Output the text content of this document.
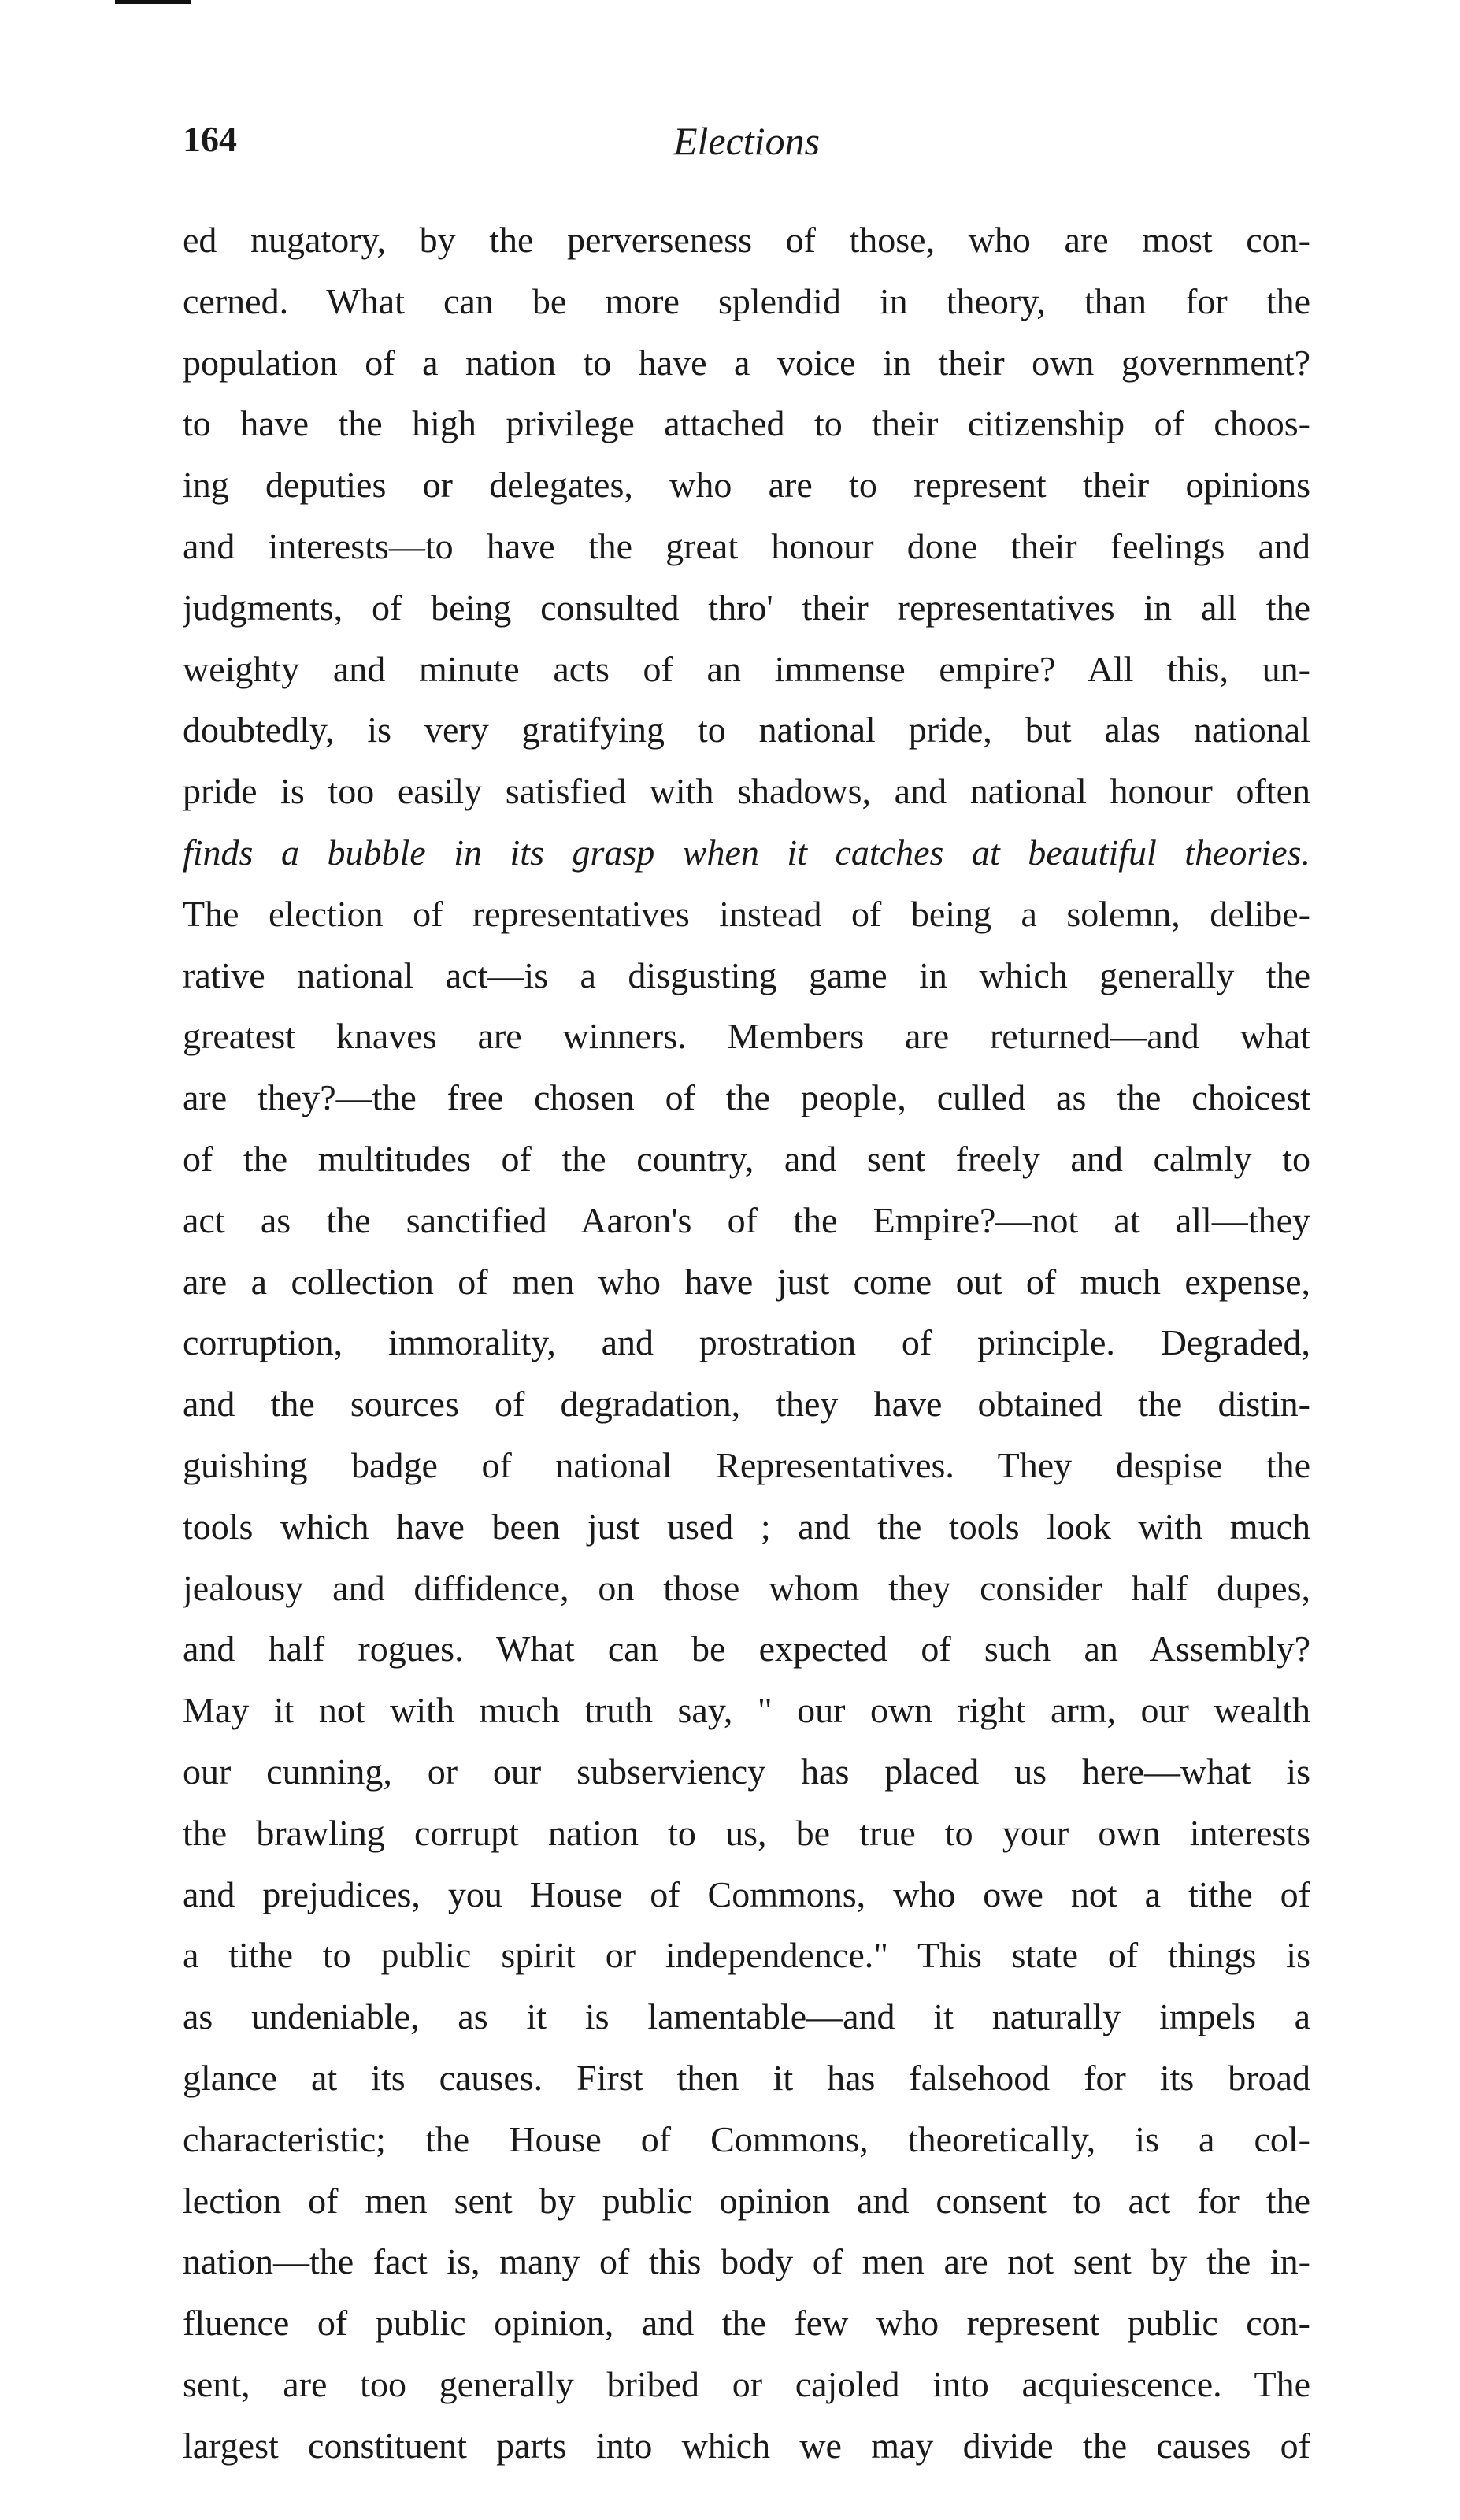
164	Elections
ed nugatory, by the perverseness of those, who are most con-
cerned. What can be more splendid in theory, than for the
population of a nation to have a voice in their own government?
to have the high privilege attached to their citizenship of choos-
ing deputies or delegates, who are to represent their opinions
and interests—to have the great honour done their feelings and
judgments, of being consulted thro' their representatives in all the
weighty and minute acts of an immense empire? All this, un-
doubtedly, is very gratifying to national pride, but alas national
pride is too easily satisfied with shadows, and national honour often
finds a bubble in its grasp when it catches at beautiful theories.
The election of representatives instead of being a solemn, delibe-
rative national act—is a disgusting game in which generally the
greatest knaves are winners. Members are returned—and what
are they?—the free chosen of the people, culled as the choicest
of the multitudes of the country, and sent freely and calmly to
act as the sanctified Aaron's of the Empire?—not at all—they
are a collection of men who have just come out of much expense,
corruption, immorality, and prostration of principle. Degraded,
and the sources of degradation, they have obtained the distin-
guishing badge of national Representatives. They despise the
tools which have been just used ; and the tools look with much
jealousy and diffidence, on those whom they consider half dupes,
and half rogues. What can be expected of such an Assembly?
May it not with much truth say, " our own right arm, our wealth
our cunning, or our subserviency has placed us here—what is
the brawling corrupt nation to us, be true to your own interests
and prejudices, you House of Commons, who owe not a tithe of
a tithe to public spirit or independence." This state of things is
as undeniable, as it is lamentable—and it naturally impels a
glance at its causes. First then it has falsehood for its broad
characteristic; the House of Commons, theoretically, is a col-
lection of men sent by public opinion and consent to act for the
nation—the fact is, many of this body of men are not sent by the in-
fluence of public opinion, and the few who represent public con-
sent, are too generally bribed or cajoled into acquiescence. The
largest constituent parts into which we may divide the causes of
